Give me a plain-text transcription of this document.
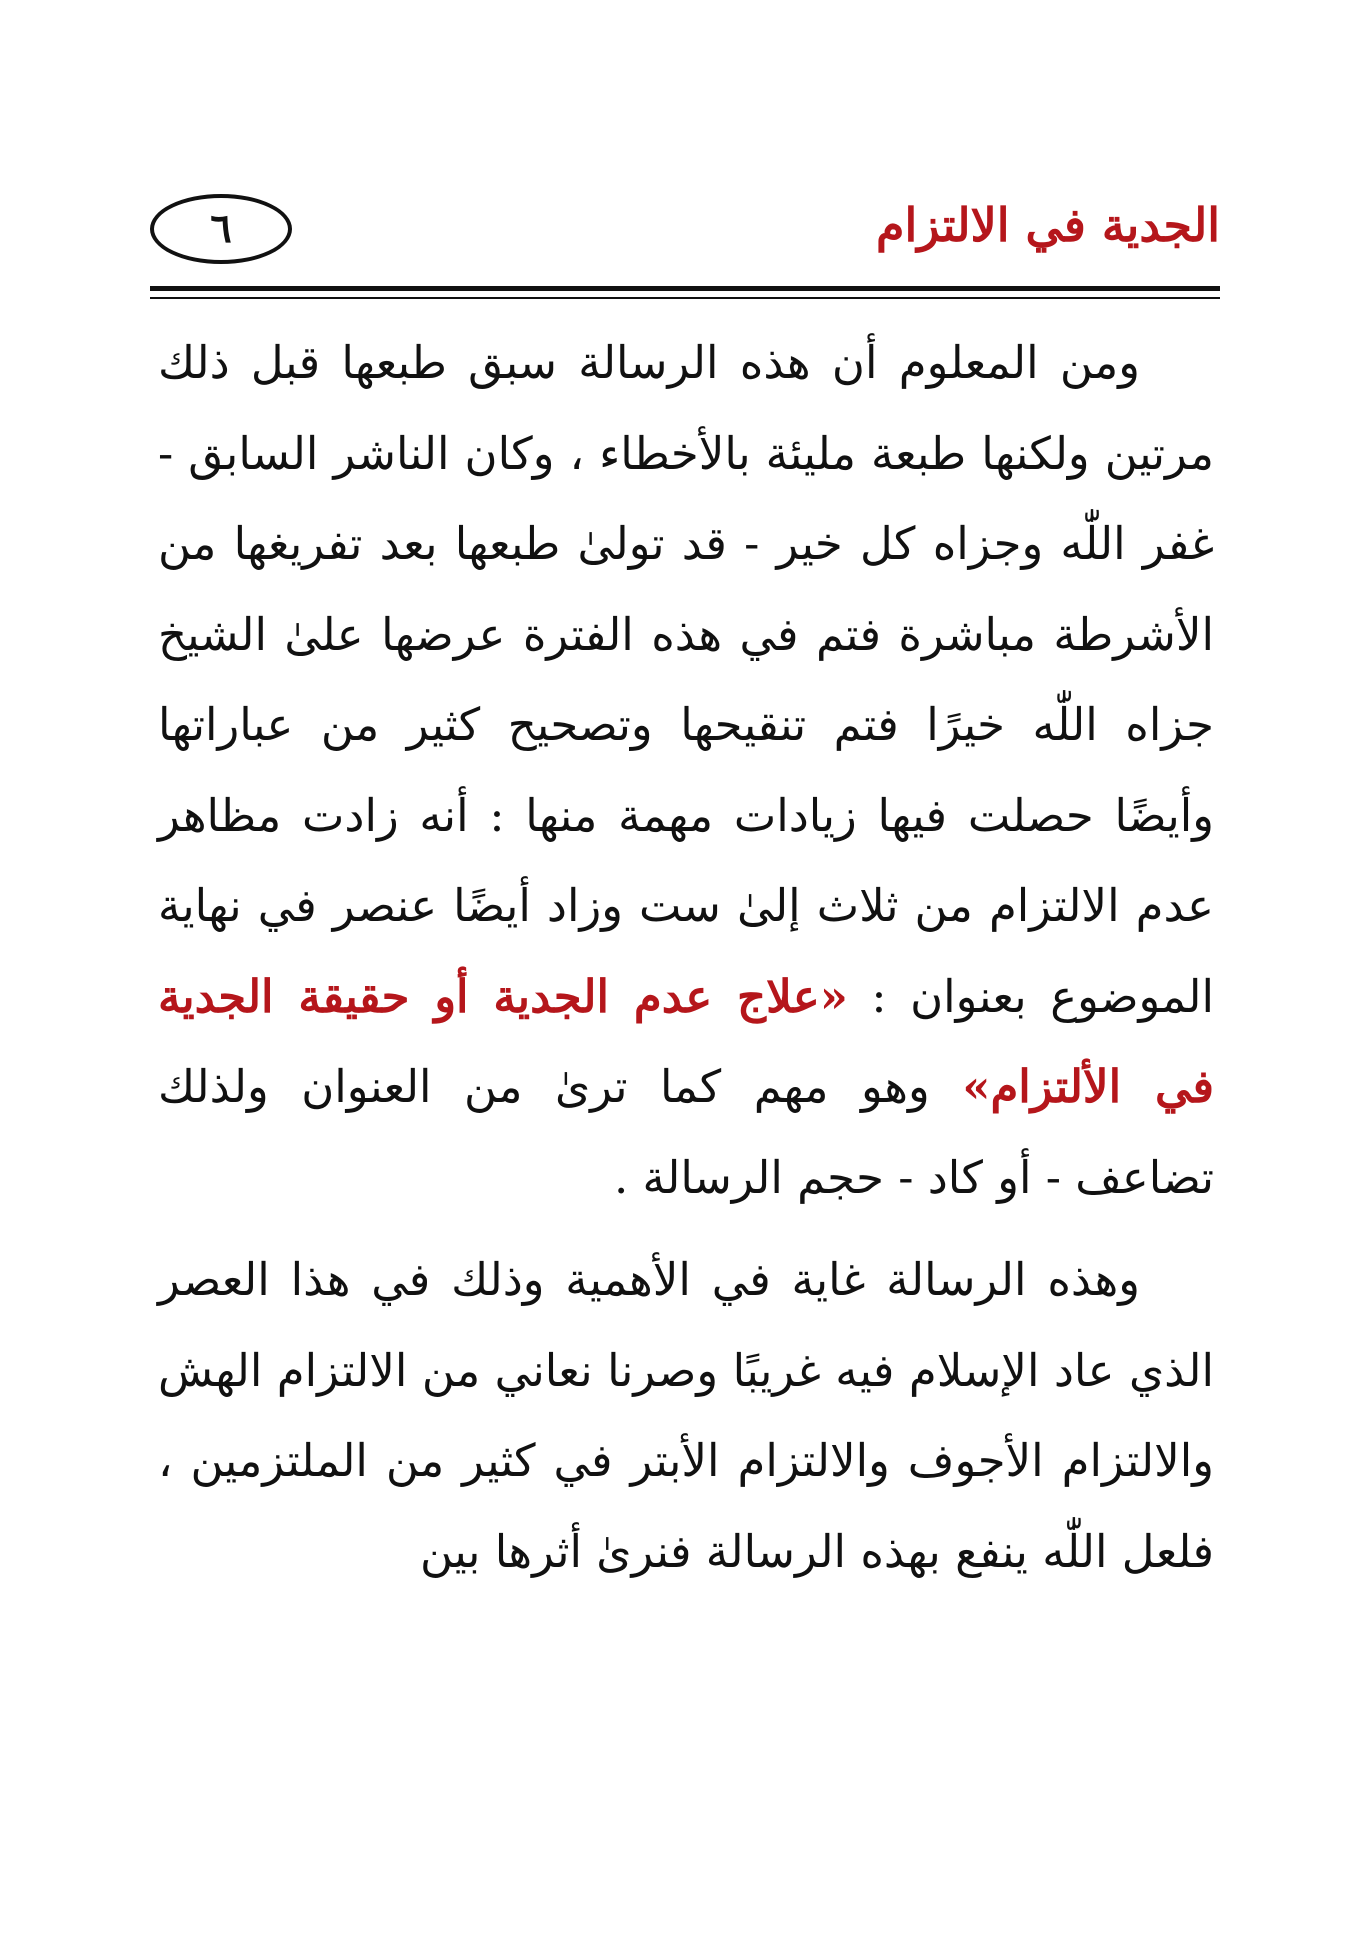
الجدية في الالتزام
٦

ومن المعلوم أن هذه الرسالة سبق طبعها قبل ذلك مرتين ولكنها طبعة مليئة بالأخطاء ، وكان الناشر السابق - غفر اللّٰه وجزاه كل خير - قد تولىٰ طبعها بعد تفريغها من الأشرطة مباشرة فتم في هذه الفترة عرضها علىٰ الشيخ جزاه اللّٰه خيرًا فتم تنقيحها وتصحيح كثير من عباراتها وأيضًا حصلت فيها زيادات مهمة منها : أنه زادت مظاهر عدم الالتزام من ثلاث إلىٰ ست وزاد أيضًا عنصر في نهاية الموضوع بعنوان : «علاج عدم الجدية أو حقيقة الجدية في الألتزام» وهو مهم كما ترىٰ من العنوان ولذلك تضاعف - أو كاد - حجم الرسالة .

وهذه الرسالة غاية في الأهمية وذلك في هذا العصر الذي عاد الإسلام فيه غريبًا وصرنا نعاني من الالتزام الهش والالتزام الأجوف والالتزام الأبتر في كثير من الملتزمين ، فلعل اللّٰه ينفع بهذه الرسالة فنرىٰ أثرها بين
